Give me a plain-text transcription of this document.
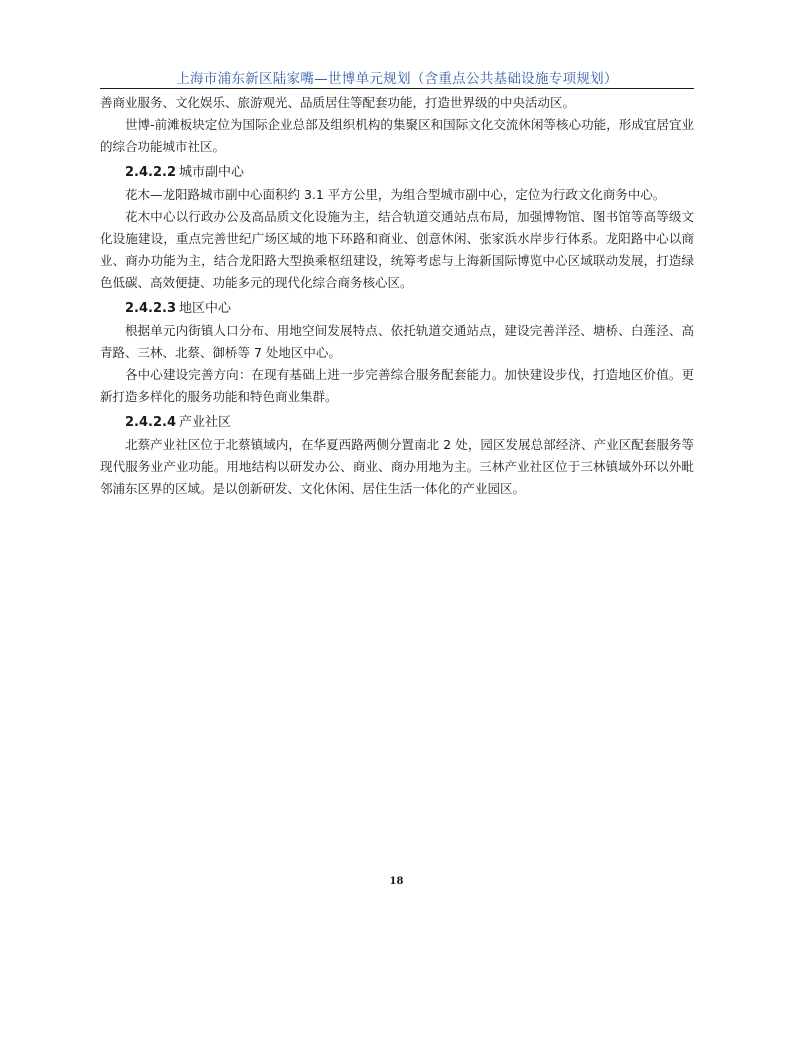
上海市浦东新区陆家嘴—世博单元规划（含重点公共基础设施专项规划）

善商业服务、文化娱乐、旅游观光、品质居住等配套功能，打造世界级的中央活动区。

世博-前滩板块定位为国际企业总部及组织机构的集聚区和国际文化交流休闲等核心功能，形成宜居宜业的综合功能城市社区。

2.4.2.2 城市副中心

花木—龙阳路城市副中心面积约 3.1 平方公里，为组合型城市副中心，定位为行政文化商务中心。

花木中心以行政办公及高品质文化设施为主，结合轨道交通站点布局，加强博物馆、图书馆等高等级文化设施建设，重点完善世纪广场区域的地下环路和商业、创意休闲、张家浜水岸步行体系。龙阳路中心以商业、商办功能为主，结合龙阳路大型换乘枢纽建设，统筹考虑与上海新国际博览中心区域联动发展，打造绿色低碳、高效便捷、功能多元的现代化综合商务核心区。

2.4.2.3 地区中心

根据单元内街镇人口分布、用地空间发展特点、依托轨道交通站点，建设完善洋泾、塘桥、白莲泾、高青路、三林、北蔡、御桥等 7 处地区中心。

各中心建设完善方向：在现有基础上进一步完善综合服务配套能力。加快建设步伐，打造地区价值。更新打造多样化的服务功能和特色商业集群。

2.4.2.4 产业社区

北蔡产业社区位于北蔡镇域内，在华夏西路两侧分置南北 2 处，园区发展总部经济、产业区配套服务等现代服务业产业功能。用地结构以研发办公、商业、商办用地为主。三林产业社区位于三林镇域外环以外毗邻浦东区界的区域。是以创新研发、文化休闲、居住生活一体化的产业园区。

18
